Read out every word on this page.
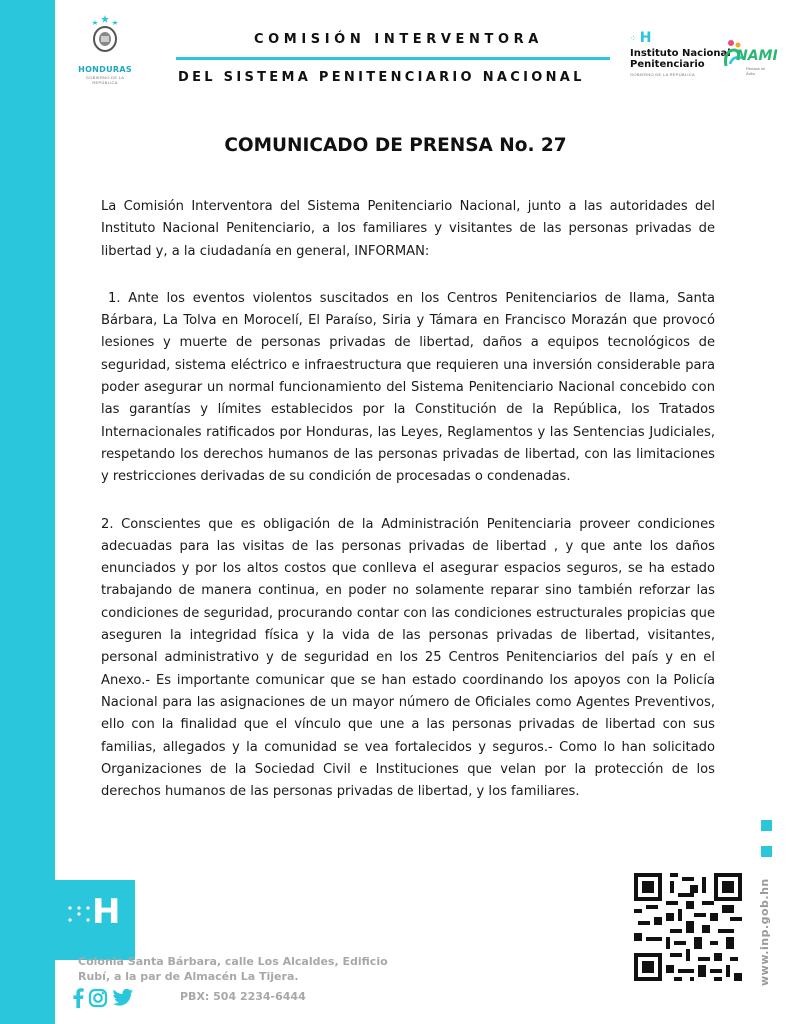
HONDURAS
GOBIERNO DE LA REPÚBLICA
COMISIÓN INTERVENTORA
DEL SISTEMA PENITENCIARIO NACIONAL
⁘ H
Instituto Nacional
Penitenciario
GOBIERNO DE LA REPÚBLICA
NAMI
Renace mi Ávila
COMUNICADO DE PRENSA No. 27

La Comisión Interventora del Sistema Penitenciario Nacional, junto a las autoridades del Instituto Nacional Penitenciario, a los familiares y visitantes de las personas privadas de libertad y, a la ciudadanía en general, INFORMAN:

1. Ante los eventos violentos suscitados en los Centros Penitenciarios de Ilama, Santa Bárbara, La Tolva en Morocelí, El Paraíso, Siria y Támara en Francisco Morazán que provocó lesiones y muerte de personas privadas de libertad, daños a equipos tecnológicos de seguridad, sistema eléctrico e infraestructura que requieren una inversión considerable para poder asegurar un normal funcionamiento del Sistema Penitenciario Nacional concebido con las garantías y límites establecidos por la Constitución de la República, los Tratados Internacionales ratificados por Honduras, las Leyes, Reglamentos y las Sentencias Judiciales, respetando los derechos humanos de las personas privadas de libertad, con las limitaciones y restricciones derivadas de su condición de procesadas o condenadas.

2. Conscientes que es obligación de la Administración Penitenciaria proveer condiciones adecuadas para las visitas de las personas privadas de libertad , y que ante los daños enunciados y por los altos costos que conlleva el asegurar espacios seguros, se ha estado trabajando de manera continua, en poder no solamente reparar sino también reforzar las condiciones de seguridad, procurando contar con las condiciones estructurales propicias que aseguren la integridad física y la vida de las personas privadas de libertad, visitantes, personal administrativo y de seguridad en los 25 Centros Penitenciarios del país y en el Anexo.- Es importante comunicar que se han estado coordinando los apoyos con la Policía Nacional para las asignaciones de un mayor número de Oficiales como Agentes Preventivos, ello con la finalidad que el vínculo que une a las personas privadas de libertad con sus familias, allegados y la comunidad se vea fortalecidos y seguros.- Como lo han solicitado Organizaciones de la Sociedad Civil e Instituciones que velan por la protección de los derechos humanos de las personas privadas de libertad, y los familiares.

www.inp.gob.hn
H
Colonia Santa Bárbara, calle Los Alcaldes, Edificio Rubí, a la par de Almacén La Tijera.
PBX: 504 2234-6444
